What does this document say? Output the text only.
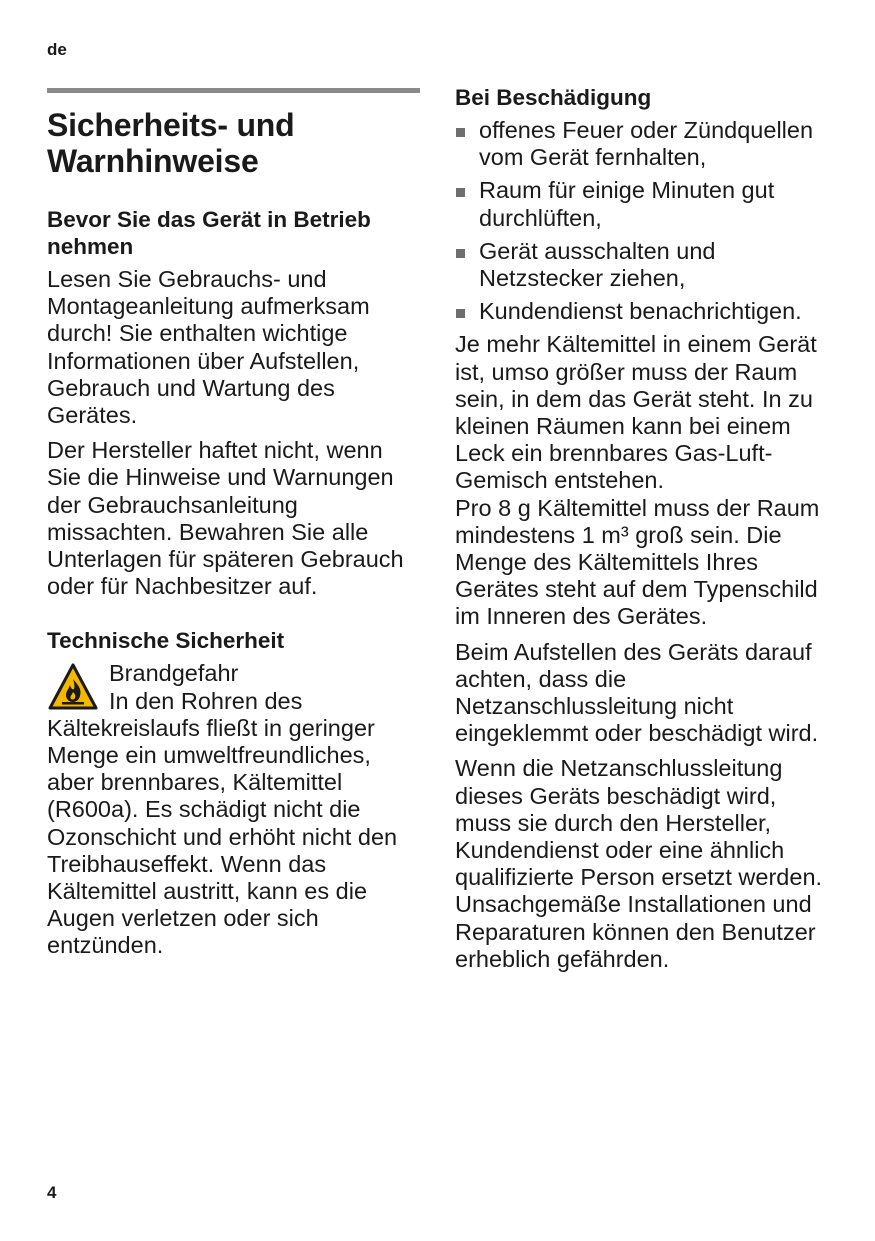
de
Sicherheits- und Warnhinweise
Bevor Sie das Gerät in Betrieb nehmen

Lesen Sie Gebrauchs- und Montageanleitung aufmerksam durch! Sie enthalten wichtige Informationen über Aufstellen, Gebrauch und Wartung des Gerätes.

Der Hersteller haftet nicht, wenn Sie die Hinweise und Warnungen der Gebrauchsanleitung missachten. Bewahren Sie alle Unterlagen für späteren Gebrauch oder für Nachbesitzer auf.

Technische Sicherheit

Brandgefahr

In den Rohren des Kältekreislaufs fließt in geringer Menge ein umweltfreundliches, aber brennbares, Kältemittel (R600a). Es schädigt nicht die Ozonschicht und erhöht nicht den Treibhauseffekt. Wenn das Kältemittel austritt, kann es die Augen verletzen oder sich entzünden.

Bei Beschädigung
offenes Feuer oder Zündquellen vom Gerät fernhalten,
Raum für einige Minuten gut durchlüften,
Gerät ausschalten und Netzstecker ziehen,
Kundendienst benachrichtigen.

Je mehr Kältemittel in einem Gerät ist, umso größer muss der Raum sein, in dem das Gerät steht. In zu kleinen Räumen kann bei einem Leck ein brennbares Gas-Luft-Gemisch entstehen.

Pro 8 g Kältemittel muss der Raum mindestens 1 m³ groß sein. Die Menge des Kältemittels Ihres Gerätes steht auf dem Typenschild im Inneren des Gerätes.

Beim Aufstellen des Geräts darauf achten, dass die Netzanschlussleitung nicht eingeklemmt oder beschädigt wird.

Wenn die Netzanschlussleitung dieses Geräts beschädigt wird, muss sie durch den Hersteller, Kundendienst oder eine ähnlich qualifizierte Person ersetzt werden. Unsachgemäße Installationen und Reparaturen können den Benutzer erheblich gefährden.

4
